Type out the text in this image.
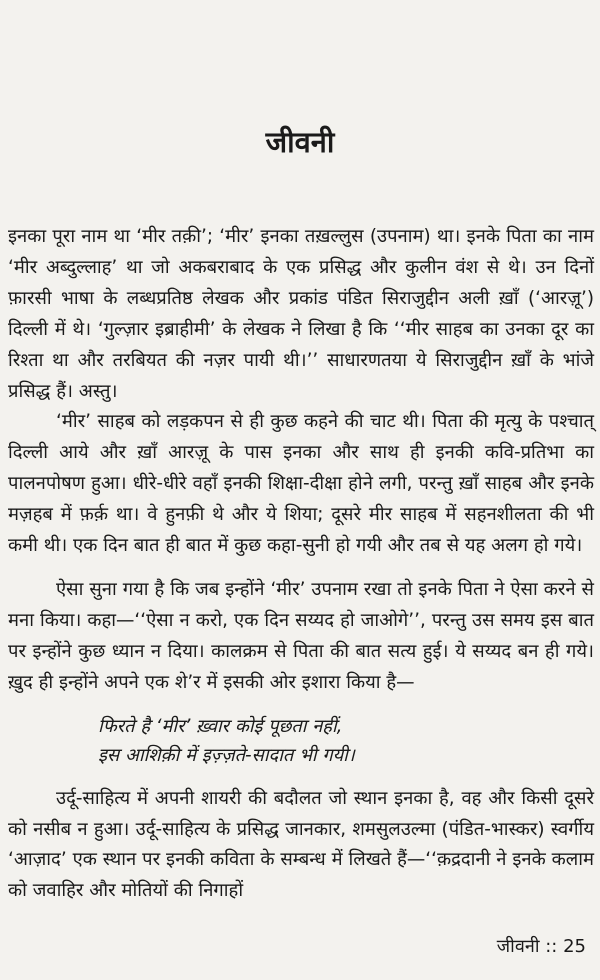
जीवनी

इनका पूरा नाम था ‘मीर तक़ी’; ‘मीर’ इनका तख़ल्लुस (उपनाम) था। इनके पिता का नाम ‘मीर अब्दुल्लाह’ था जो अकबराबाद के एक प्रसिद्ध और कुलीन वंश से थे। उन दिनों फ़ारसी भाषा के लब्धप्रतिष्ठ लेखक और प्रकांड पंडित सिराजुद्दीन अली ख़ाँ (‘आरज़ू’) दिल्ली में थे। ‘गुल्ज़ार इब्राहीमी’ के लेखक ने लिखा है कि ‘‘मीर साहब का उनका दूर का रिश्ता था और तरबियत की नज़र पायी थी।’’ साधारणतया ये सिराजुद्दीन ख़ाँ के भांजे प्रसिद्ध हैं। अस्तु।

‘मीर’ साहब को लड़कपन से ही कुछ कहने की चाट थी। पिता की मृत्यु के पश्चात् दिल्ली आये और ख़ाँ आरज़ू के पास इनका और साथ ही इनकी कवि-प्रतिभा का पालनपोषण हुआ। धीरे-धीरे वहाँ इनकी शिक्षा-दीक्षा होने लगी, परन्तु ख़ाँ साहब और इनके मज़हब में फ़र्क़ था। वे हुनफ़ी थे और ये शिया; दूसरे मीर साहब में सहनशीलता की भी कमी थी। एक दिन बात ही बात में कुछ कहा-सुनी हो गयी और तब से यह अलग हो गये।

ऐसा सुना गया है कि जब इन्होंने ‘मीर’ उपनाम रखा तो इनके पिता ने ऐसा करने से मना किया। कहा—‘‘ऐसा न करो, एक दिन सय्यद हो जाओगे’’, परन्तु उस समय इस बात पर इन्होंने कुछ ध्यान न दिया। कालक्रम से पिता की बात सत्य हुई। ये सय्यद बन ही गये। ख़ुद ही इन्होंने अपने एक शे’र में इसकी ओर इशारा किया है—

फिरते है ‘मीर’ ख़्वार कोई पूछता नहीं,
इस आशिक़ी में इज़्ज़ते-सादात भी गयी।

उर्दू-साहित्य में अपनी शायरी की बदौलत जो स्थान इनका है, वह और किसी दूसरे को नसीब न हुआ। उर्दू-साहित्य के प्रसिद्ध जानकार, शमसुलउल्मा (पंडित-भास्कर) स्वर्गीय ‘आज़ाद’ एक स्थान पर इनकी कविता के सम्बन्ध में लिखते हैं—‘‘क़द्रदानी ने इनके कलाम को जवाहिर और मोतियों की निगाहों

जीवनी :: 25
